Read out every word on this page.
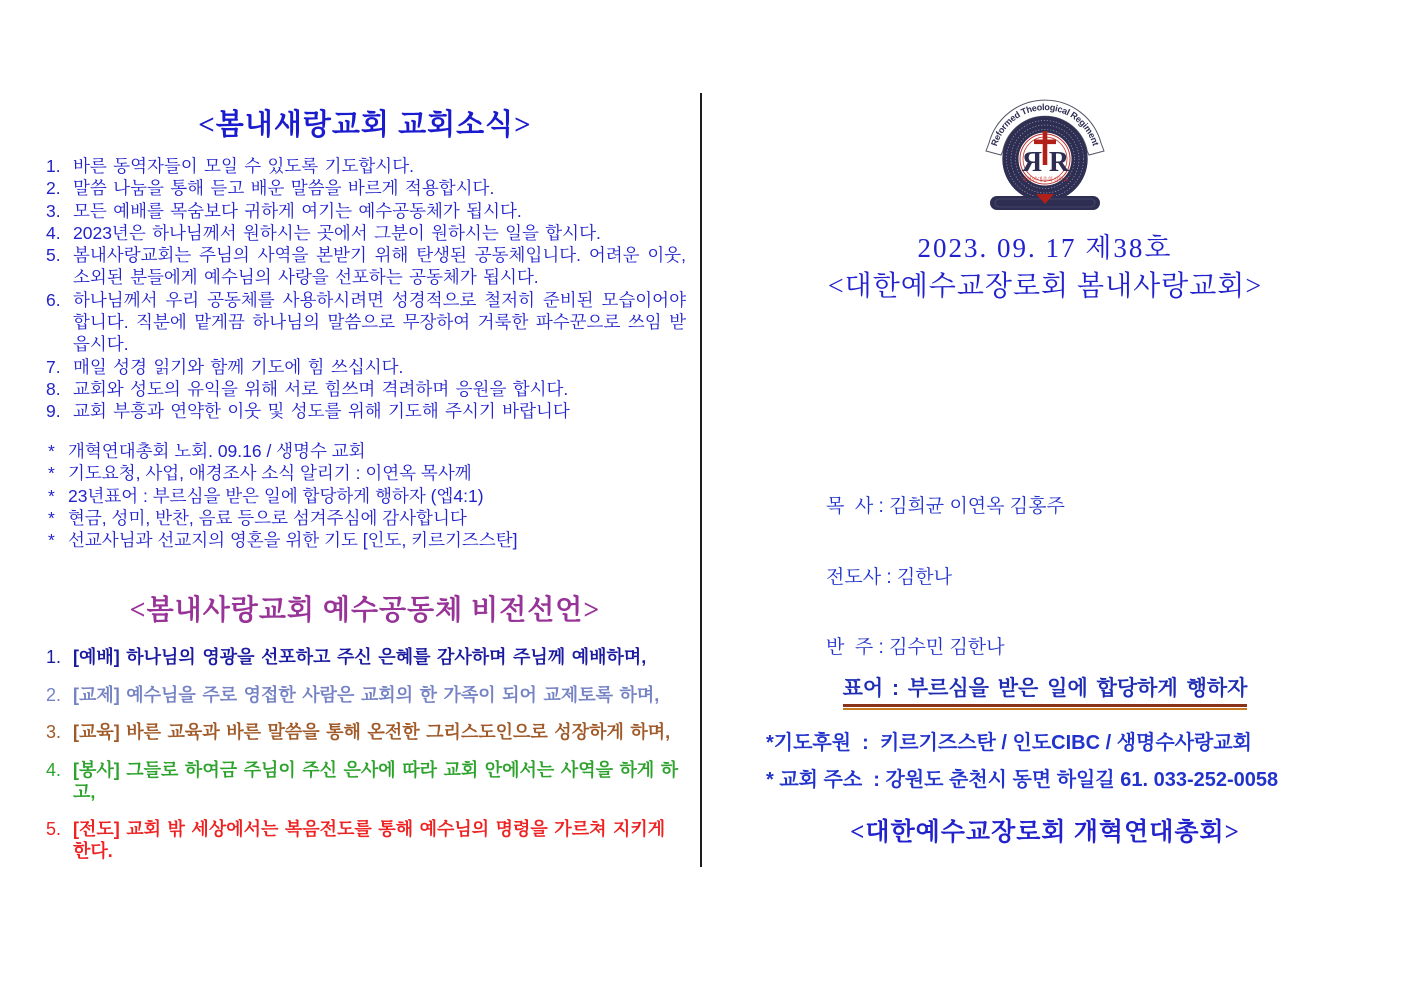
<봄내새랑교회 교회소식>
1. 바른 동역자들이 모일 수 있도록 기도합시다.
2. 말씀 나눔을 통해 듣고 배운 말씀을 바르게 적용합시다.
3. 모든 예배를 목숨보다 귀하게 여기는 예수공동체가 됩시다.
4. 2023년은 하나님께서 원하시는 곳에서 그분이 원하시는 일을 합시다.
5. 봄내사랑교회는 주님의 사역을 본받기 위해 탄생된 공동체입니다. 어려운 이웃, 소외된 분들에게 예수님의 사랑을 선포하는 공동체가 됩시다.
6. 하나님께서 우리 공동체를 사용하시려면 성경적으로 철저히 준비된 모습이어야 합니다. 직분에 맡게끔 하나님의 말씀으로 무장하여 거룩한 파수꾼으로 쓰임 받읍시다.
7. 매일 성경 읽기와 함께 기도에 힘 쓰십시다.
8. 교회와 성도의 유익을 위해 서로 힘쓰며 격려하며 응원을 합시다.
9. 교회 부흥과 연약한 이웃 및 성도를 위해 기도해 주시기 바랍니다
* 개혁연대총회 노회. 09.16 / 생명수 교회
* 기도요청, 사업, 애경조사 소식 알리기 : 이연옥 목사께
* 23년표어 : 부르심을 받은 일에 합당하게 행하자 (엡4:1)
* 현금, 성미, 반찬, 음료 등으로 섬겨주심에 감사합니다
* 선교사님과 선교지의 영혼을 위한 기도 [인도, 키르기즈스탄]
<봄내사랑교회 예수공동체 비전선언>
1. [예배] 하나님의 영광을 선포하고 주신 은혜를 감사하며 주님께 예배하며,
2. [교제] 예수님을 주로 영접한 사람은 교회의 한 가족이 되어 교제토록 하며,
3. [교육] 바른 교육과 바른 말씀을 통해 온전한 그리스도인으로 성장하게 하며,
4. [봉사] 그들로 하여금 주님이 주신 은사에 따라 교회 안에서는 사역을 하게 하고,
5. [전도] 교회 밖 세상에서는 복음전도를 통해 예수님의 명령을 가르쳐 지키게 한다.
Reformed Theological Regiment
Я R
개혁연대총회신학교
2023. 09. 17 제38호
<대한예수교장로회 봄내사랑교회>

목  사 : 김희균 이연옥 김홍주

전도사 : 김한나

반  주 : 김수민 김한나

표어 : 부르심을 받은 일에 합당하게 행하자
*기도후원  :  키르기즈스탄 / 인도CIBC / 생명수사랑교회
* 교회 주소  : 강원도 춘천시 동면 하일길 61. 033-252-0058
<대한예수교장로회 개혁연대총회>
